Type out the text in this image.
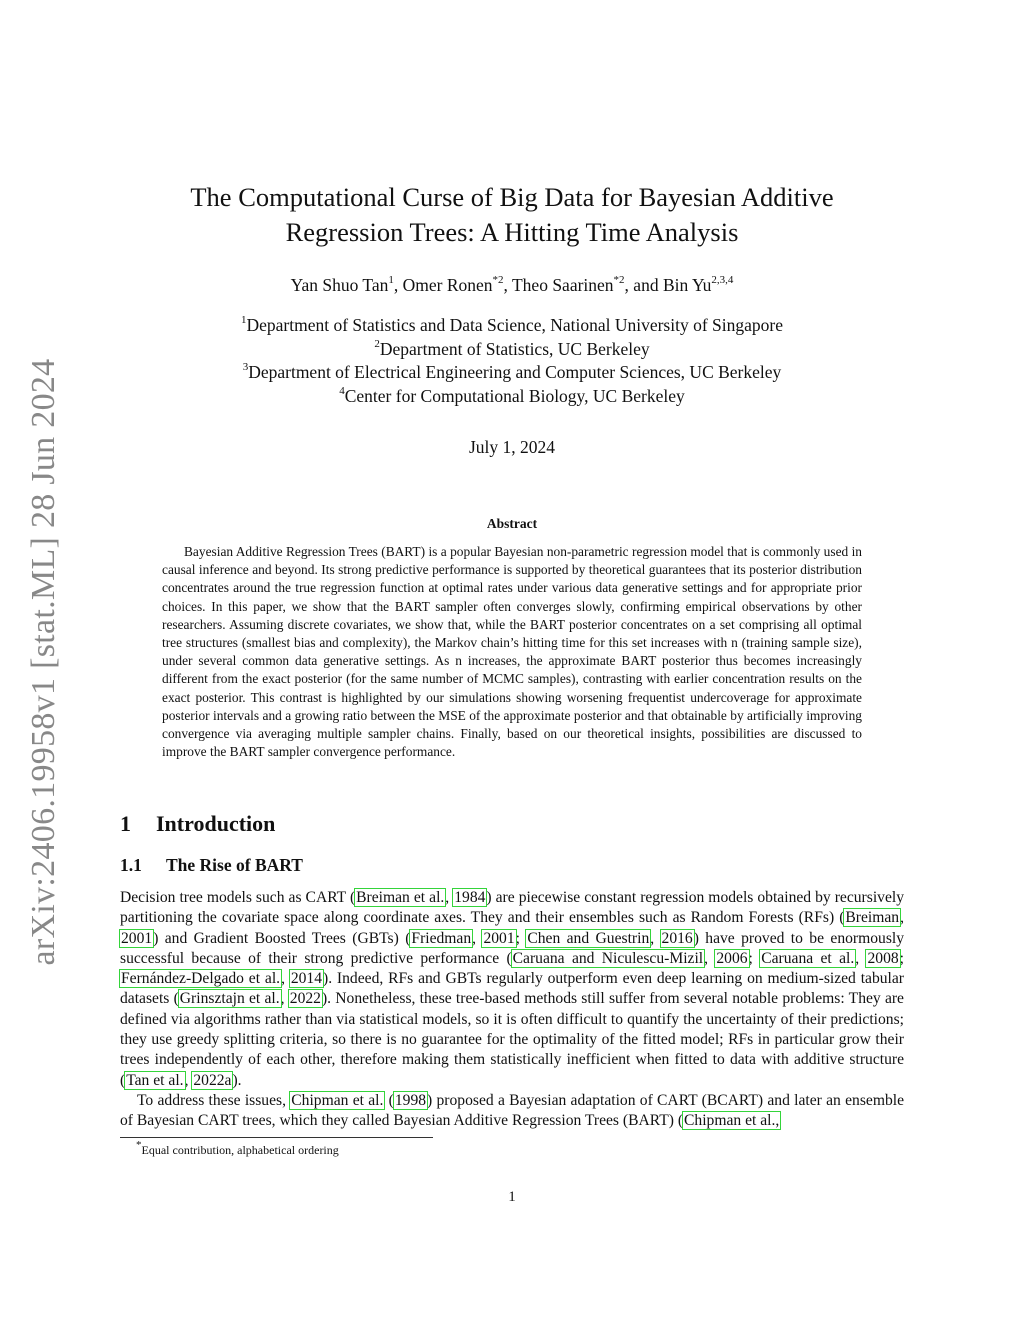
arXiv:2406.19958v1 [stat.ML] 28 Jun 2024
The Computational Curse of Big Data for Bayesian Additive
Regression Trees: A Hitting Time Analysis
Yan Shuo Tan$^1$, Omer Ronen$^{*2}$, Theo Saarinen$^{*2}$, and Bin Yu$^{2,3,4}$
$^1$Department of Statistics and Data Science, National University of Singapore
$^2$Department of Statistics, UC Berkeley
$^3$Department of Electrical Engineering and Computer Sciences, UC Berkeley
$^4$Center for Computational Biology, UC Berkeley
July 1, 2024
Abstract
Bayesian Additive Regression Trees (BART) is a popular Bayesian non-parametric regression model that is commonly used in causal inference and beyond. Its strong predictive performance is supported by theoretical guarantees that its posterior distribution concentrates around the true regression function at optimal rates under various data generative settings and for appropriate prior choices. In this paper, we show that the BART sampler often converges slowly, confirming empirical observations by other researchers. Assuming discrete covariates, we show that, while the BART posterior concentrates on a set comprising all optimal tree structures (smallest bias and complexity), the Markov chain’s hitting time for this set increases with n (training sample size), under several common data generative settings. As n increases, the approximate BART posterior thus becomes increasingly different from the exact posterior (for the same number of MCMC samples), contrasting with earlier concentration results on the exact posterior. This contrast is highlighted by our simulations showing worsening frequentist undercoverage for approximate posterior intervals and a growing ratio between the MSE of the approximate posterior and that obtainable by artificially improving convergence via averaging multiple sampler chains. Finally, based on our theoretical insights, possibilities are discussed to improve the BART sampler convergence performance.
1 Introduction
1.1 The Rise of BART

Decision tree models such as CART (Breiman et al., 1984) are piecewise constant regression models obtained by recursively partitioning the covariate space along coordinate axes. They and their ensembles such as Random Forests (RFs) (Breiman, 2001) and Gradient Boosted Trees (GBTs) (Friedman, 2001; Chen and Guestrin, 2016) have proved to be enormously successful because of their strong predictive performance (Caruana and Niculescu-Mizil, 2006; Caruana et al., 2008; Fernández-Delgado et al., 2014). Indeed, RFs and GBTs regularly outperform even deep learning on medium-sized tabular datasets (Grinsztajn et al., 2022). Nonetheless, these tree-based methods still suffer from several notable problems: They are defined via algorithms rather than via statistical models, so it is often difficult to quantify the uncertainty of their predictions; they use greedy splitting criteria, so there is no guarantee for the optimality of the fitted model; RFs in particular grow their trees independently of each other, therefore making them statistically inefficient when fitted to data with additive structure (Tan et al., 2022a).

To address these issues, Chipman et al. (1998) proposed a Bayesian adaptation of CART (BCART) and later an ensemble of Bayesian CART trees, which they called Bayesian Additive Regression Trees (BART) (Chipman et al.,

*Equal contribution, alphabetical ordering
1
